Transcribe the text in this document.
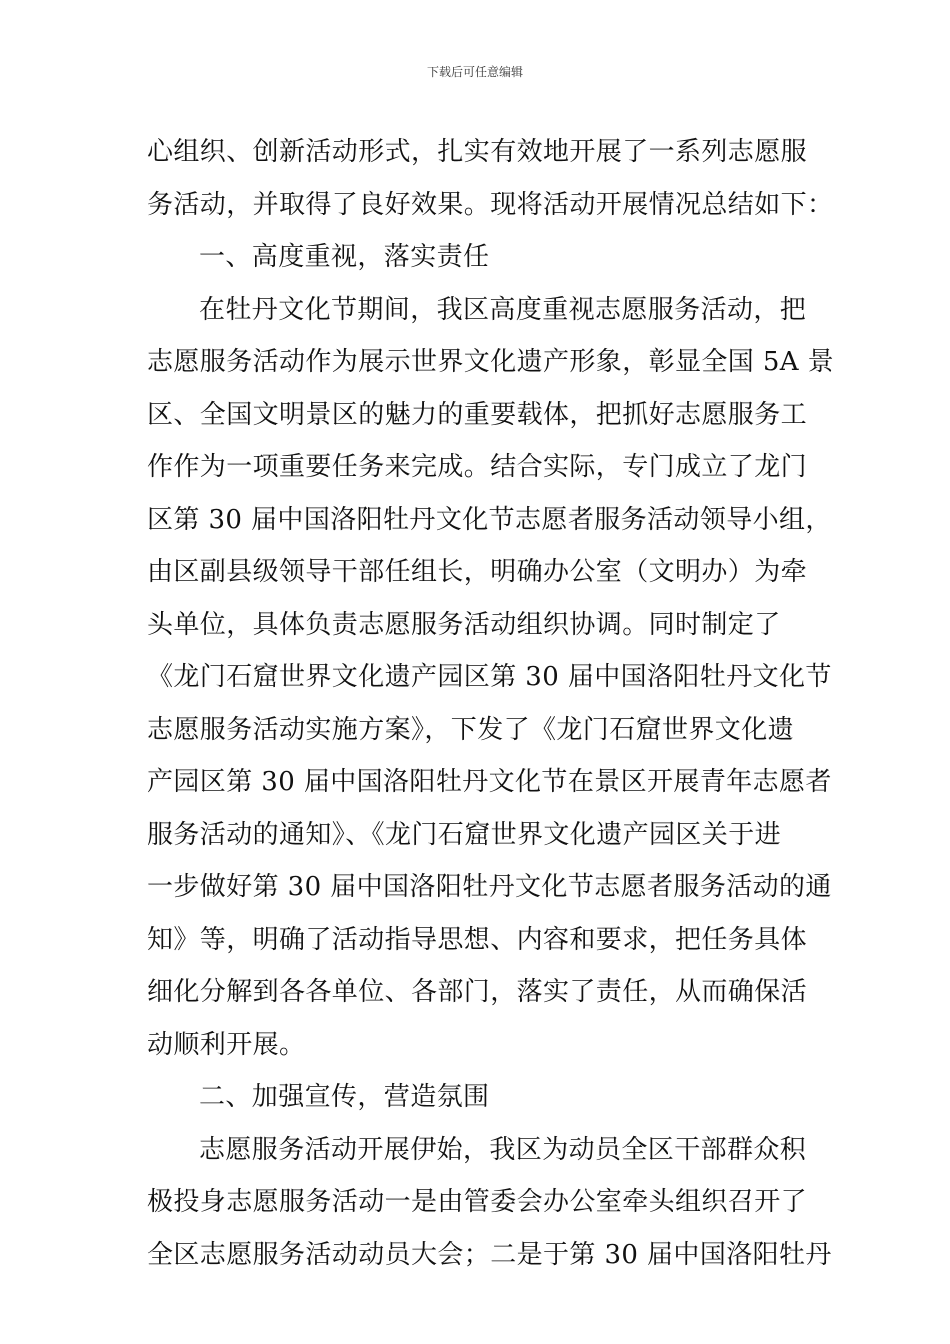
下载后可任意编辑
心组织、创新活动形式，扎实有效地开展了一系列志愿服
务活动，并取得了良好效果。现将活动开展情况总结如下：
一、高度重视，落实责任
在牡丹文化节期间，我区高度重视志愿服务活动，把
志愿服务活动作为展示世界文化遗产形象，彰显全国 5A 景
区、全国文明景区的魅力的重要载体，把抓好志愿服务工
作作为一项重要任务来完成。结合实际，专门成立了龙门
区第 30 届中国洛阳牡丹文化节志愿者服务活动领导小组，
由区副县级领导干部任组长，明确办公室（文明办）为牵
头单位，具体负责志愿服务活动组织协调。同时制定了
《龙门石窟世界文化遗产园区第 30 届中国洛阳牡丹文化节
志愿服务活动实施方案》，下发了《龙门石窟世界文化遗
产园区第 30 届中国洛阳牡丹文化节在景区开展青年志愿者
服务活动的通知》、《龙门石窟世界文化遗产园区关于进
一步做好第 30 届中国洛阳牡丹文化节志愿者服务活动的通
知》等，明确了活动指导思想、内容和要求，把任务具体
细化分解到各各单位、各部门，落实了责任，从而确保活
动顺利开展。
二、加强宣传，营造氛围
志愿服务活动开展伊始，我区为动员全区干部群众积
极投身志愿服务活动一是由管委会办公室牵头组织召开了
全区志愿服务活动动员大会；二是于第 30 届中国洛阳牡丹
